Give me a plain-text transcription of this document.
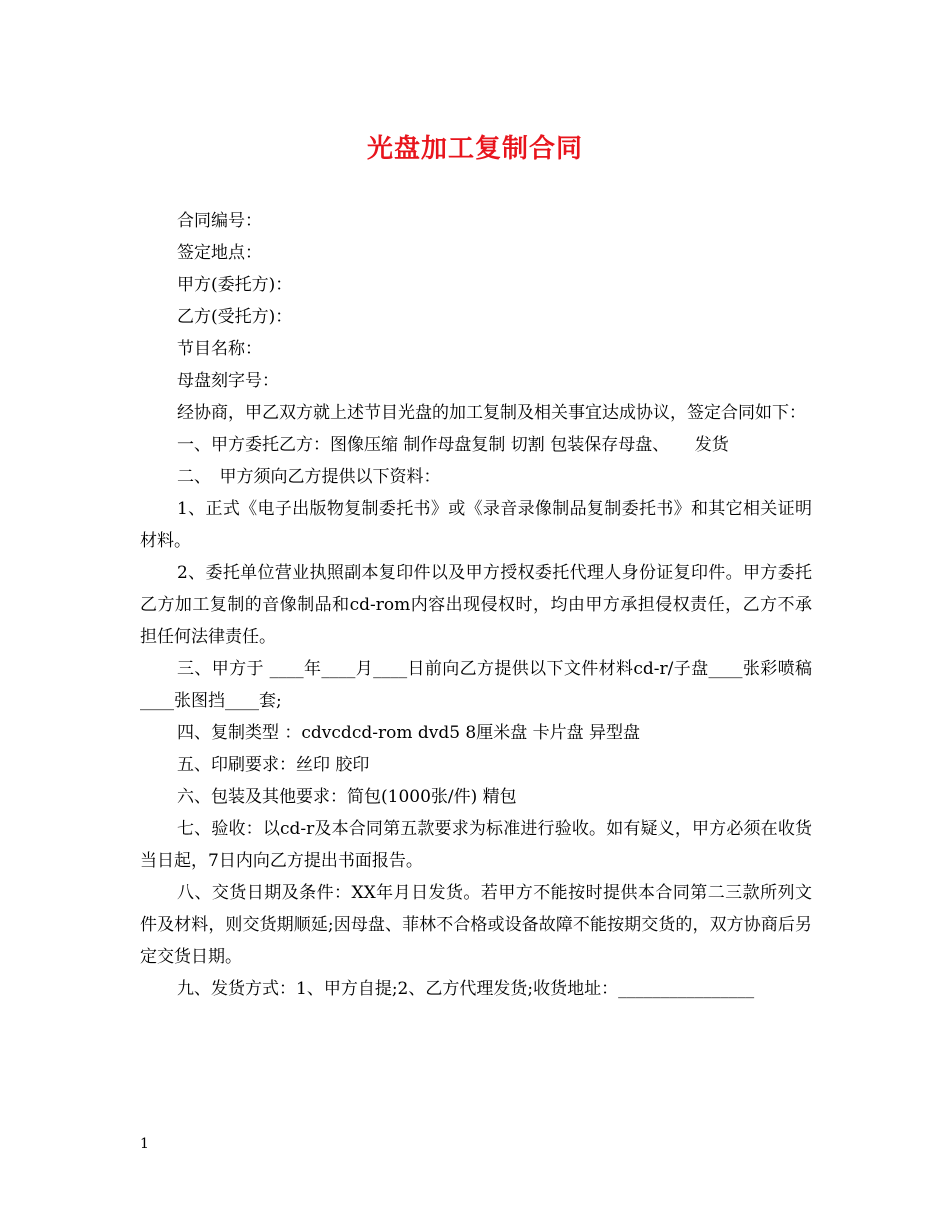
光盘加工复制合同

合同编号：

签定地点：

甲方(委托方)：

乙方(受托方)：

节目名称：

母盘刻字号：

经协商，甲乙双方就上述节目光盘的加工复制及相关事宜达成协议，签定合同如下：

一、甲方委托乙方：图像压缩 制作母盘复制 切割 包装保存母盘、　　发货

二、　甲方须向乙方提供以下资料：

1、正式《电子出版物复制委托书》或《录音录像制品复制委托书》和其它相关证明材料。

2、委托单位营业执照副本复印件以及甲方授权委托代理人身份证复印件。甲方委托乙方加工复制的音像制品和cd-rom内容出现侵权时，均由甲方承担侵权责任，乙方不承担任何法律责任。

三、甲方于 ____年____月____日前向乙方提供以下文件材料cd-r/子盘____张彩喷稿____张图挡____套;

四、复制类型 ：cdvcdcd-rom dvd5 8厘米盘 卡片盘 异型盘

五、印刷要求：丝印 胶印

六、包装及其他要求：简包(1000张/件) 精包

七、验收：以cd-r及本合同第五款要求为标准进行验收。如有疑义，甲方必须在收货当日起，7日内向乙方提出书面报告。

八、交货日期及条件：XX年月日发货。若甲方不能按时提供本合同第二三款所列文件及材料，则交货期顺延;因母盘、菲林不合格或设备故障不能按期交货的，双方协商后另定交货日期。

九、发货方式：1、甲方自提;2、乙方代理发货;收货地址：________________

1
